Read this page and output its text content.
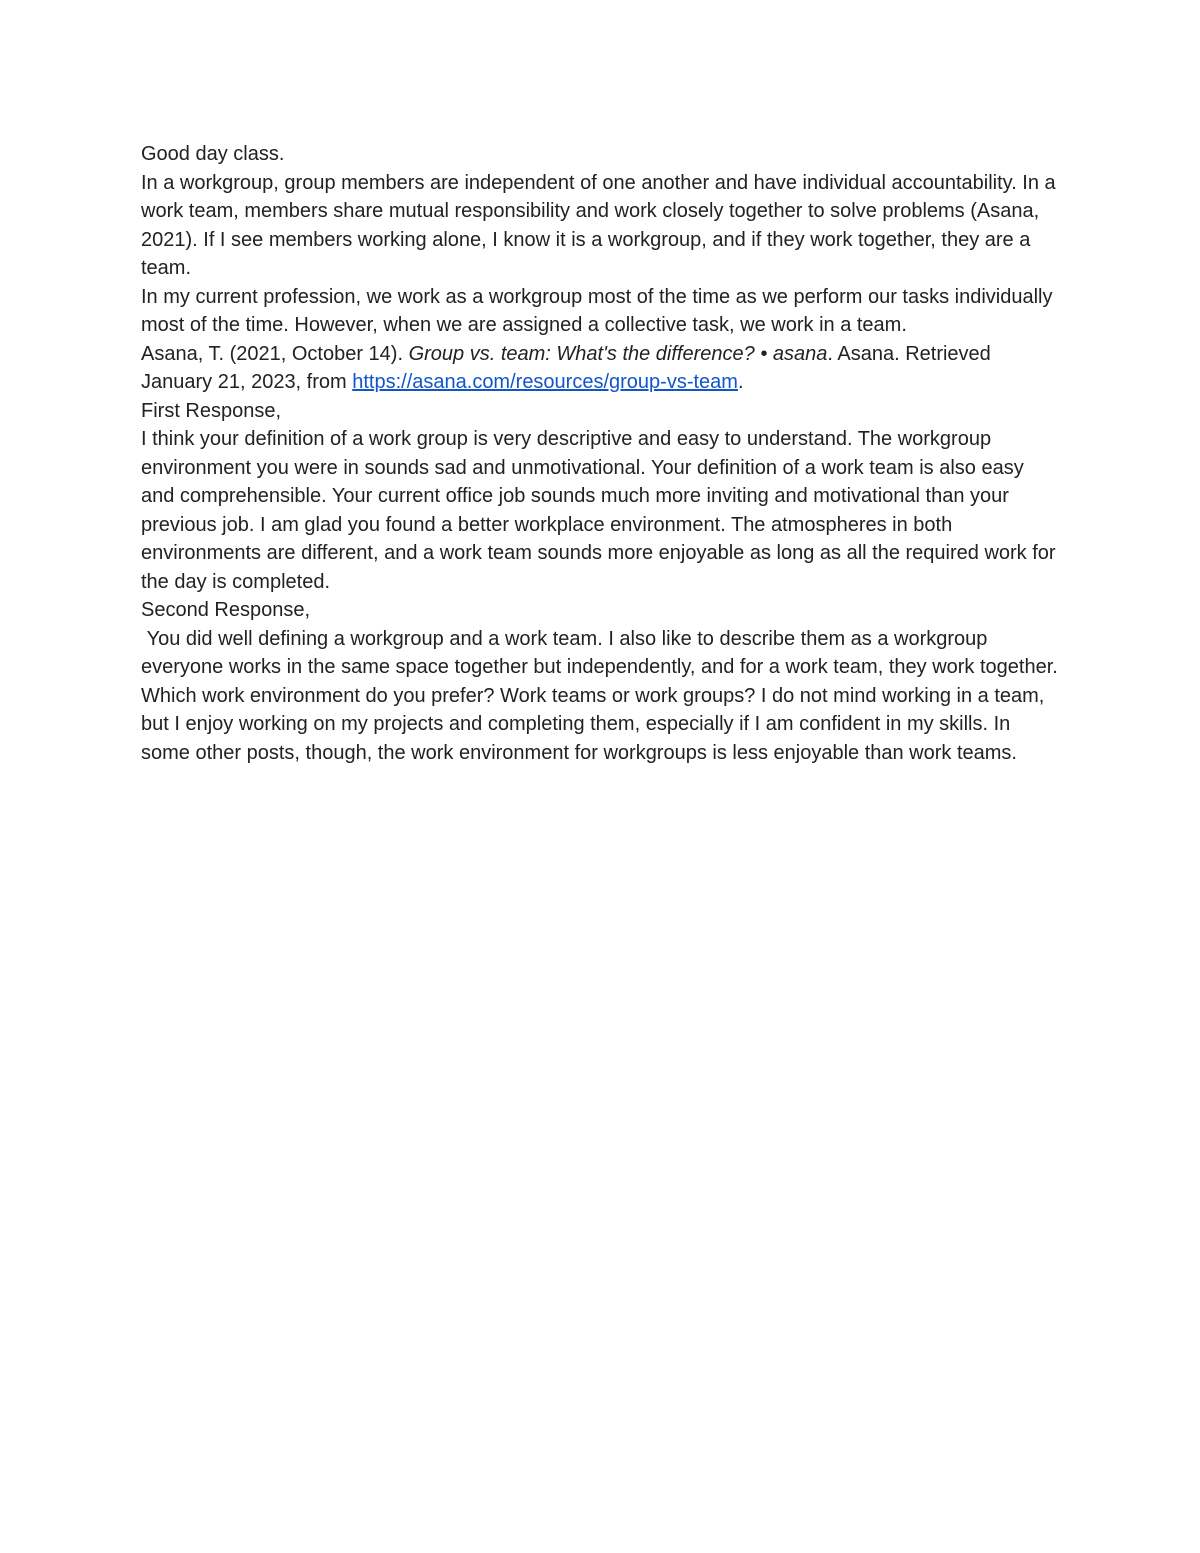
Good day class.

In a workgroup, group members are independent of one another and have individual accountability. In a work team, members share mutual responsibility and work closely together to solve problems (Asana, 2021). If I see members working alone, I know it is a workgroup, and if they work together, they are a team.

In my current profession, we work as a workgroup most of the time as we perform our tasks individually most of the time. However, when we are assigned a collective task, we work in a team.

Asana, T. (2021, October 14). Group vs. team: What's the difference? • asana. Asana. Retrieved January 21, 2023, from https://asana.com/resources/group-vs-team.

First Response,

I think your definition of a work group is very descriptive and easy to understand. The workgroup environment you were in sounds sad and unmotivational. Your definition of a work team is also easy and comprehensible. Your current office job sounds much more inviting and motivational than your previous job. I am glad you found a better workplace environment. The atmospheres in both environments are different, and a work team sounds more enjoyable as long as all the required work for the day is completed.

Second Response,

You did well defining a workgroup and a work team. I also like to describe them as a workgroup everyone works in the same space together but independently, and for a work team, they work together. Which work environment do you prefer? Work teams or work groups? I do not mind working in a team, but I enjoy working on my projects and completing them, especially if I am confident in my skills. In some other posts, though, the work environment for workgroups is less enjoyable than work teams.
